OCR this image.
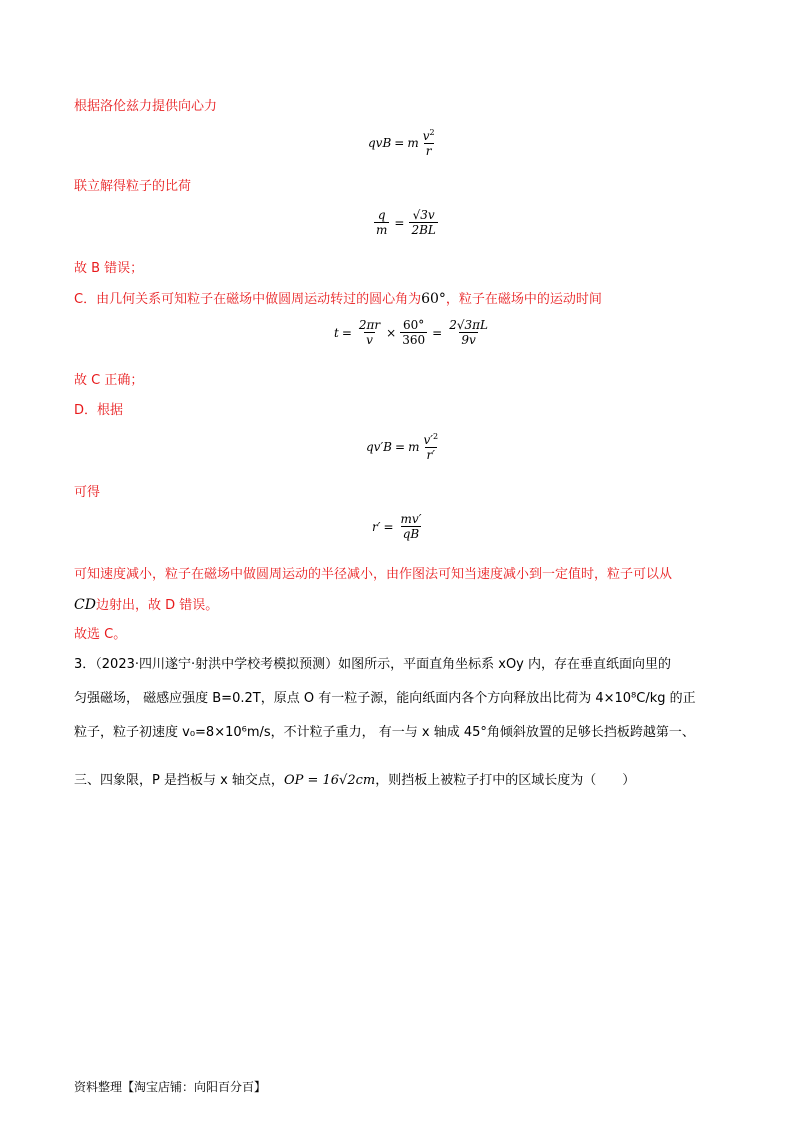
根据洛伦兹力提供向心力
qvB = m $\frac{v^2}{r}$
联立解得粒子的比荷
$\frac{q}{m} = \frac{√3v}{2BL}$
故 B 错误；
C．由几何关系可知粒子在磁场中做圆周运动转过的圆心角为60°，粒子在磁场中的运动时间
$t = \frac{2\pi r}{v} \times \frac{60^\circ}{360} = \frac{2√3\pi L}{9v}$
故 C 正确；
D．根据
qv′B = m $\frac{v'^2}{r'}$
可得
$r' = \frac{mv'}{qB}$
可知速度减小，粒子在磁场中做圆周运动的半径减小，由作图法可知当速度减小到一定值时，粒子可以从
CD边射出，故 D 错误。
故选 C。
3．（2023·四川遂宁·射洪中学校考模拟预测）如图所示，平面直角坐标系 xOy 内，存在垂直纸面向里的
匀强磁场， 磁感应强度 B=0.2T，原点 O 有一粒子源，能向纸面内各个方向释放出比荷为 4×10⁸C/kg 的正
粒子，粒子初速度 v₀=8×10⁶m/s，不计粒子重力， 有一与 x 轴成 45°角倾斜放置的足够长挡板跨越第一、
三、四象限，P 是挡板与 x 轴交点，OP = 16√2cm，则挡板上被粒子打中的区域长度为（　　）
资料整理【淘宝店铺：向阳百分百】
